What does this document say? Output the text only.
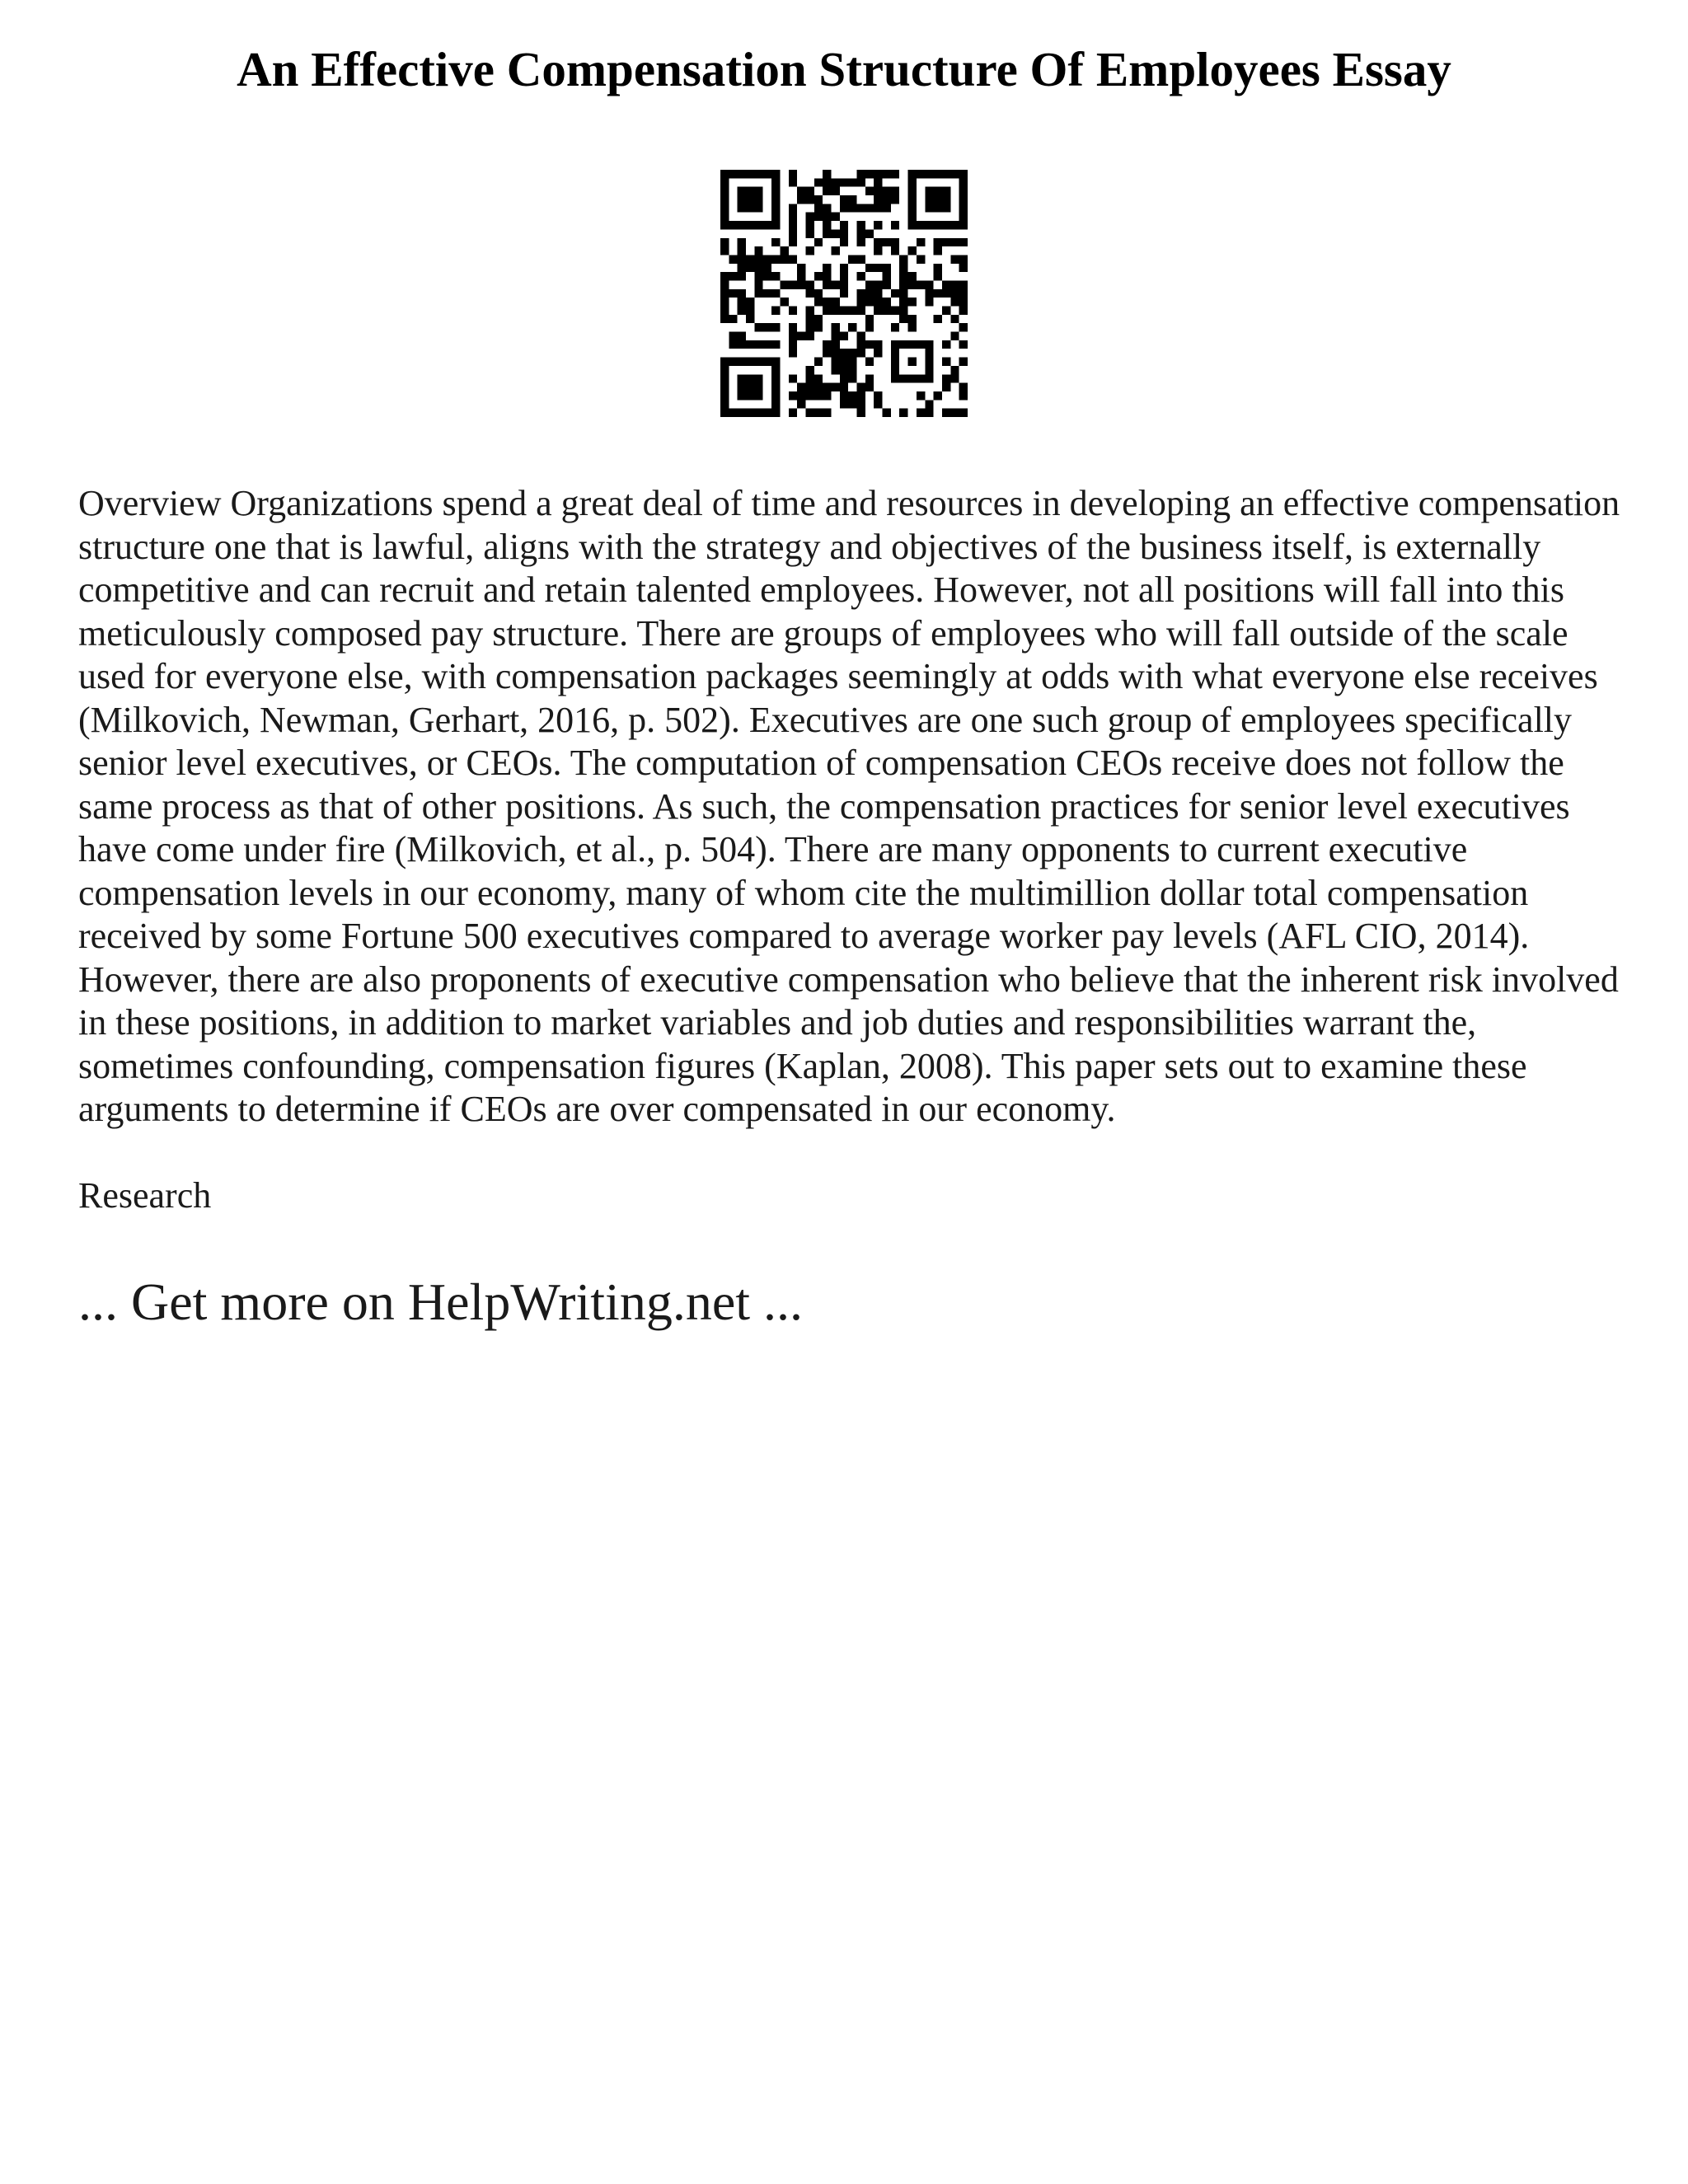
An Effective Compensation Structure Of Employees Essay

Overview Organizations spend a great deal of time and resources in developing an effective compensation structure one that is lawful, aligns with the strategy and objectives of the business itself, is externally competitive and can recruit and retain talented employees. However, not all positions will fall into this meticulously composed pay structure. There are groups of employees who will fall outside of the scale used for everyone else, with compensation packages seemingly at odds with what everyone else receives (Milkovich, Newman, Gerhart, 2016, p. 502). Executives are one such group of employees specifically senior level executives, or CEOs. The computation of compensation CEOs receive does not follow the same process as that of other positions. As such, the compensation practices for senior level executives have come under fire (Milkovich, et al., p. 504). There are many opponents to current executive compensation levels in our economy, many of whom cite the multimillion dollar total compensation received by some Fortune 500 executives compared to average worker pay levels (AFL CIO, 2014). However, there are also proponents of executive compensation who believe that the inherent risk involved in these positions, in addition to market variables and job duties and responsibilities warrant the, sometimes confounding, compensation figures (Kaplan, 2008). This paper sets out to examine these arguments to determine if CEOs are over compensated in our economy.

Research

... Get more on HelpWriting.net ...
